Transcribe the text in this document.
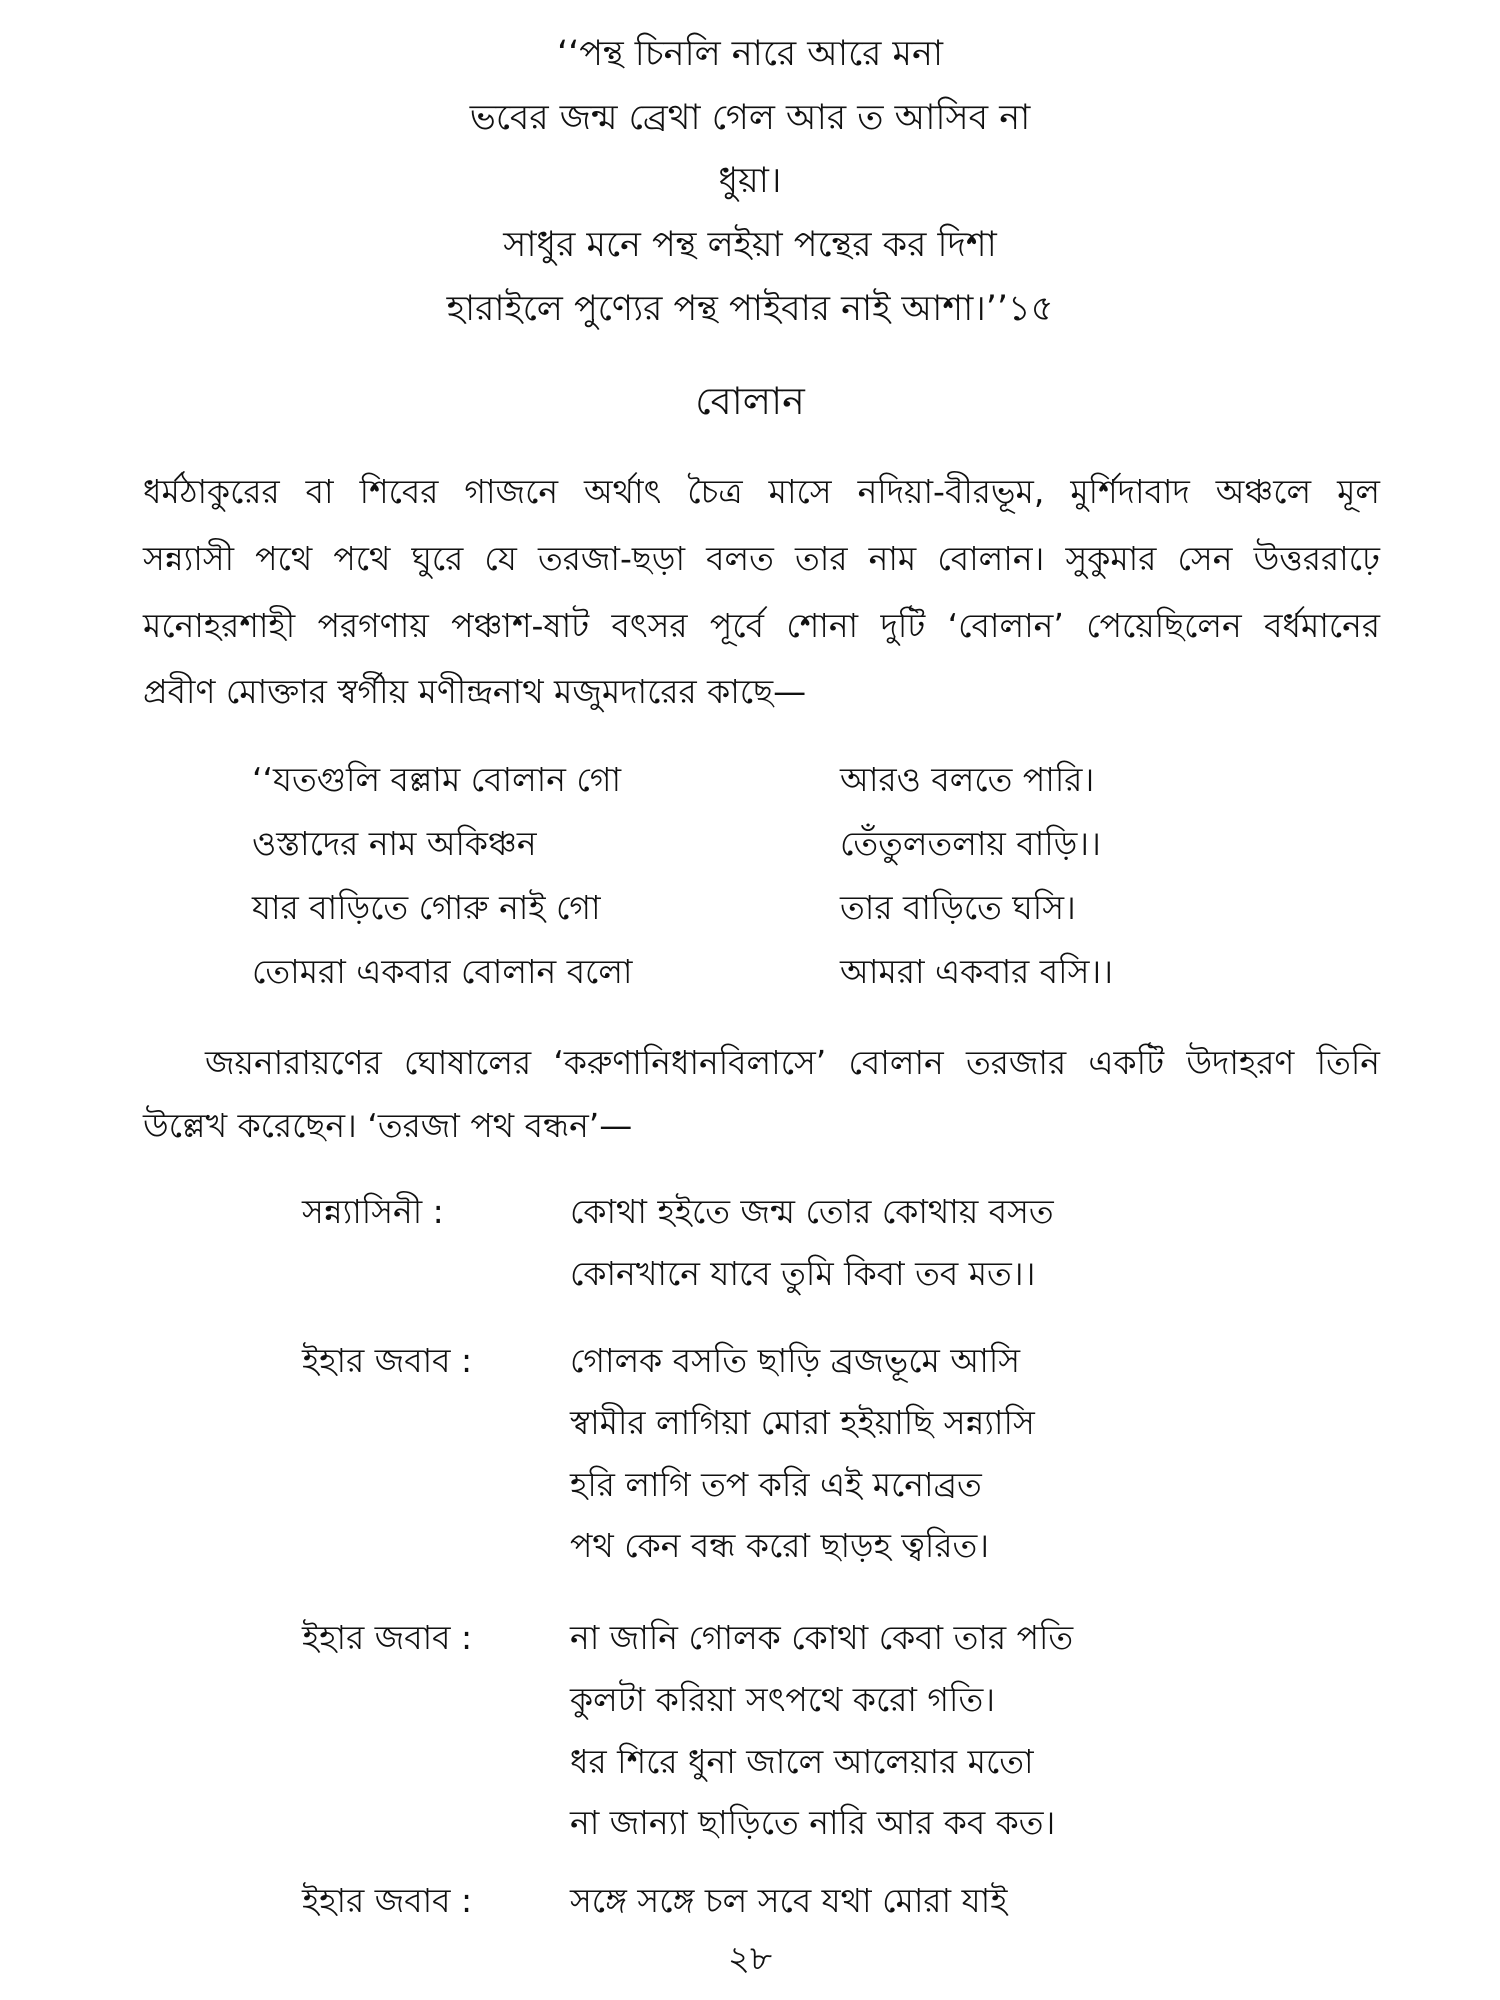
‘‘পন্থ চিনলি নারে আরে মনা
ভবের জন্ম ব্রেথা গেল আর ত আসিব না
ধুয়া।
সাধুর মনে পন্থ লইয়া পন্থের কর দিশা
হারাইলে পুণ্যের পন্থ পাইবার নাই আশা।’’১৫
বোলান
ধর্মঠাকুরের বা শিবের গাজনে অর্থাৎ চৈত্র মাসে নদিয়া-বীরভূম, মুর্শিদাবাদ অঞ্চলে মূল
সন্ন্যাসী পথে পথে ঘুরে যে তরজা-ছড়া বলত তার নাম বোলান। সুকুমার সেন উত্তররাঢ়ে
মনোহরশাহী পরগণায় পঞ্চাশ-ষাট বৎসর পূর্বে শোনা দুটি ‘বোলান’ পেয়েছিলেন বর্ধমানের
প্রবীণ মোক্তার স্বর্গীয় মণীন্দ্রনাথ মজুমদারের কাছে—
‘‘যতগুলি বল্লাম বোলান গো	আরও বলতে পারি।
ওস্তাদের নাম অকিঞ্চন	তেঁতুলতলায় বাড়ি।।
যার বাড়িতে গোরু নাই গো	তার বাড়িতে ঘসি।
তোমরা একবার বোলান বলো	আমরা একবার বসি।।
জয়নারায়ণের ঘোষালের ‘করুণানিধানবিলাসে’ বোলান তরজার একটি উদাহরণ তিনি
উল্লেখ করেছেন। ‘তরজা পথ বন্ধন’—
সন্ন্যাসিনী :	কোথা হইতে জন্ম তোর কোথায় বসত
কোনখানে যাবে তুমি কিবা তব মত।।
ইহার জবাব :	গোলক বসতি ছাড়ি ব্রজভূমে আসি
স্বামীর লাগিয়া মোরা হইয়াছি সন্ন্যাসি
হরি লাগি তপ করি এই মনোব্রত
পথ কেন বন্ধ করো ছাড়হ ত্বরিত।
ইহার জবাব :	না জানি গোলক কোথা কেবা তার পতি
কুলটা করিয়া সৎপথে করো গতি।
ধর শিরে ধুনা জালে আলেয়ার মতো
না জান্যা ছাড়িতে নারি আর কব কত।
ইহার জবাব :	সঙ্গে সঙ্গে চল সবে যথা মোরা যাই
২৮
